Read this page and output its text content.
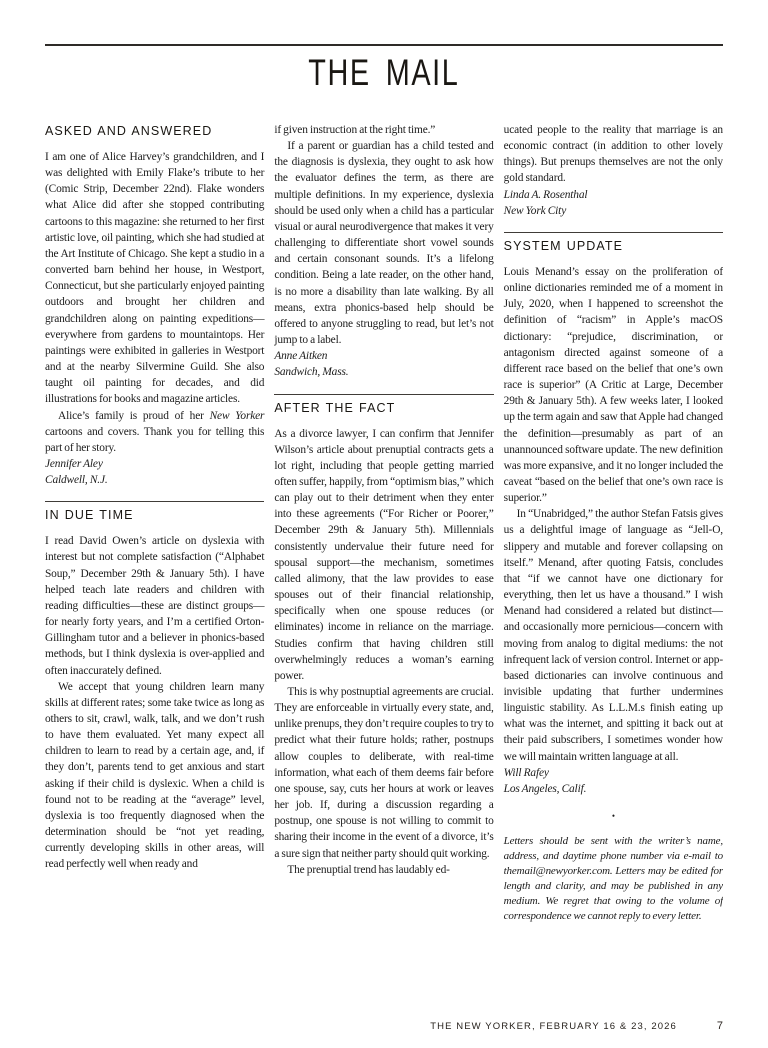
THE MAIL
ASKED AND ANSWERED

I am one of Alice Harvey’s grandchildren, and I was delighted with Emily Flake’s tribute to her (Comic Strip, December 22nd). Flake wonders what Alice did after she stopped contributing cartoons to this magazine: she returned to her first artistic love, oil painting, which she had studied at the Art Institute of Chicago. She kept a studio in a converted barn behind her house, in Westport, Connecticut, but she particularly enjoyed painting outdoors and brought her children and grandchildren along on painting expeditions—everywhere from gardens to mountaintops. Her paintings were exhibited in galleries in Westport and at the nearby Silvermine Guild. She also taught oil painting for decades, and did illustrations for books and magazine articles.

Alice’s family is proud of her New Yorker cartoons and covers. Thank you for telling this part of her story.

Jennifer Aley
Caldwell, N.J.
IN DUE TIME

I read David Owen’s article on dyslexia with interest but not complete satisfaction (“Alphabet Soup,” December 29th & January 5th). I have helped teach late readers and children with reading difficulties—these are distinct groups—for nearly forty years, and I’m a certified Orton-Gillingham tutor and a believer in phonics-based methods, but I think dyslexia is over-applied and often inaccurately defined.

We accept that young children learn many skills at different rates; some take twice as long as others to sit, crawl, walk, talk, and we don’t rush to have them evaluated. Yet many expect all children to learn to read by a certain age, and, if they don’t, parents tend to get anxious and start asking if their child is dyslexic. When a child is found not to be reading at the “average” level, dyslexia is too frequently diagnosed when the determination should be “not yet reading, currently developing skills in other areas, will read perfectly well when ready and

if given instruction at the right time.”

If a parent or guardian has a child tested and the diagnosis is dyslexia, they ought to ask how the evaluator defines the term, as there are multiple definitions. In my experience, dyslexia should be used only when a child has a particular visual or aural neurodivergence that makes it very challenging to differentiate short vowel sounds and certain consonant sounds. It’s a lifelong condition. Being a late reader, on the other hand, is no more a disability than late walking. By all means, extra phonics-based help should be offered to anyone struggling to read, but let’s not jump to a label.

Anne Aitken
Sandwich, Mass.
AFTER THE FACT

As a divorce lawyer, I can confirm that Jennifer Wilson’s article about prenuptial contracts gets a lot right, including that people getting married often suffer, happily, from “optimism bias,” which can play out to their detriment when they enter into these agreements (“For Richer or Poorer,” December 29th & January 5th). Millennials consistently undervalue their future need for spousal support—the mechanism, sometimes called alimony, that the law provides to ease spouses out of their financial relationship, specifically when one spouse reduces (or eliminates) income in reliance on the marriage. Studies confirm that having children still overwhelmingly reduces a woman’s earning power.

This is why postnuptial agreements are crucial. They are enforceable in virtually every state, and, unlike prenups, they don’t require couples to try to predict what their future holds; rather, postnups allow couples to deliberate, with real-time information, what each of them deems fair before one spouse, say, cuts her hours at work or leaves her job. If, during a discussion regarding a postnup, one spouse is not willing to commit to sharing their income in the event of a divorce, it’s a sure sign that neither party should quit working.

The prenuptial trend has laudably ed-

ucated people to the reality that marriage is an economic contract (in addition to other lovely things). But prenups themselves are not the only gold standard.

Linda A. Rosenthal
New York City
SYSTEM UPDATE

Louis Menand’s essay on the proliferation of online dictionaries reminded me of a moment in July, 2020, when I happened to screenshot the definition of “racism” in Apple’s macOS dictionary: “prejudice, discrimination, or antagonism directed against someone of a different race based on the belief that one’s own race is superior” (A Critic at Large, December 29th & January 5th). A few weeks later, I looked up the term again and saw that Apple had changed the definition—presumably as part of an unannounced software update. The new definition was more expansive, and it no longer included the caveat “based on the belief that one’s own race is superior.”

In “Unabridged,” the author Stefan Fatsis gives us a delightful image of language as “Jell-O, slippery and mutable and forever collapsing on itself.” Menand, after quoting Fatsis, concludes that “if we cannot have one dictionary for everything, then let us have a thousand.” I wish Menand had considered a related but distinct—and occasionally more pernicious—concern with moving from analog to digital mediums: the not infrequent lack of version control. Internet or app-based dictionaries can involve continuous and invisible updating that further undermines linguistic stability. As L.L.M.s finish eating up what was the internet, and spitting it back out at their paid subscribers, I sometimes wonder how we will maintain written language at all.

Will Rafey
Los Angeles, Calif.
•

Letters should be sent with the writer’s name, address, and daytime phone number via e-mail to themail@newyorker.com. Letters may be edited for length and clarity, and may be published in any medium. We regret that owing to the volume of correspondence we cannot reply to every letter.

THE NEW YORKER, FEBRUARY 16 & 23, 2026	7
